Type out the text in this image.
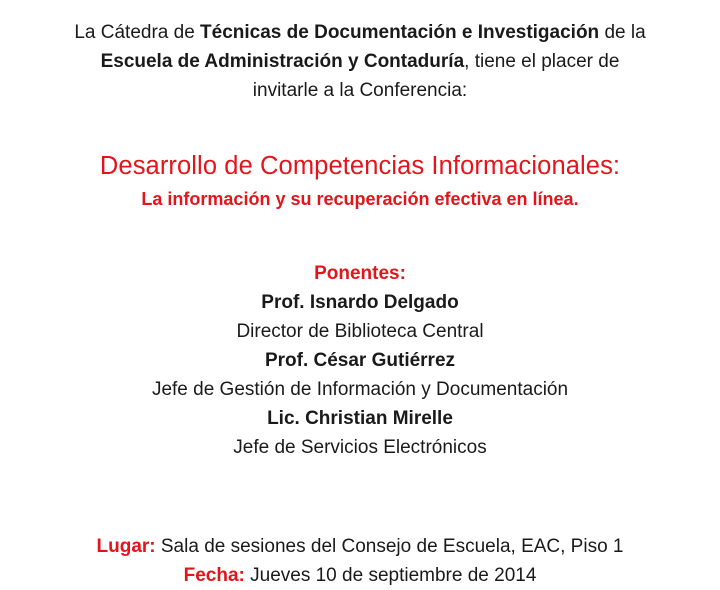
La Cátedra de Técnicas de Documentación e Investigación de la
Escuela de Administración y Contaduría, tiene el placer de
invitarle a la Conferencia:
Desarrollo de Competencias Informacionales:
La información y su recuperación efectiva en línea.
Ponentes:
Prof. Isnardo Delgado
Director de Biblioteca Central
Prof. César Gutiérrez
Jefe de Gestión de Información y Documentación
Lic. Christian Mirelle
Jefe de Servicios Electrónicos
Lugar: Sala de sesiones del Consejo de Escuela, EAC, Piso 1
Fecha: Jueves 10 de septiembre de 2014
